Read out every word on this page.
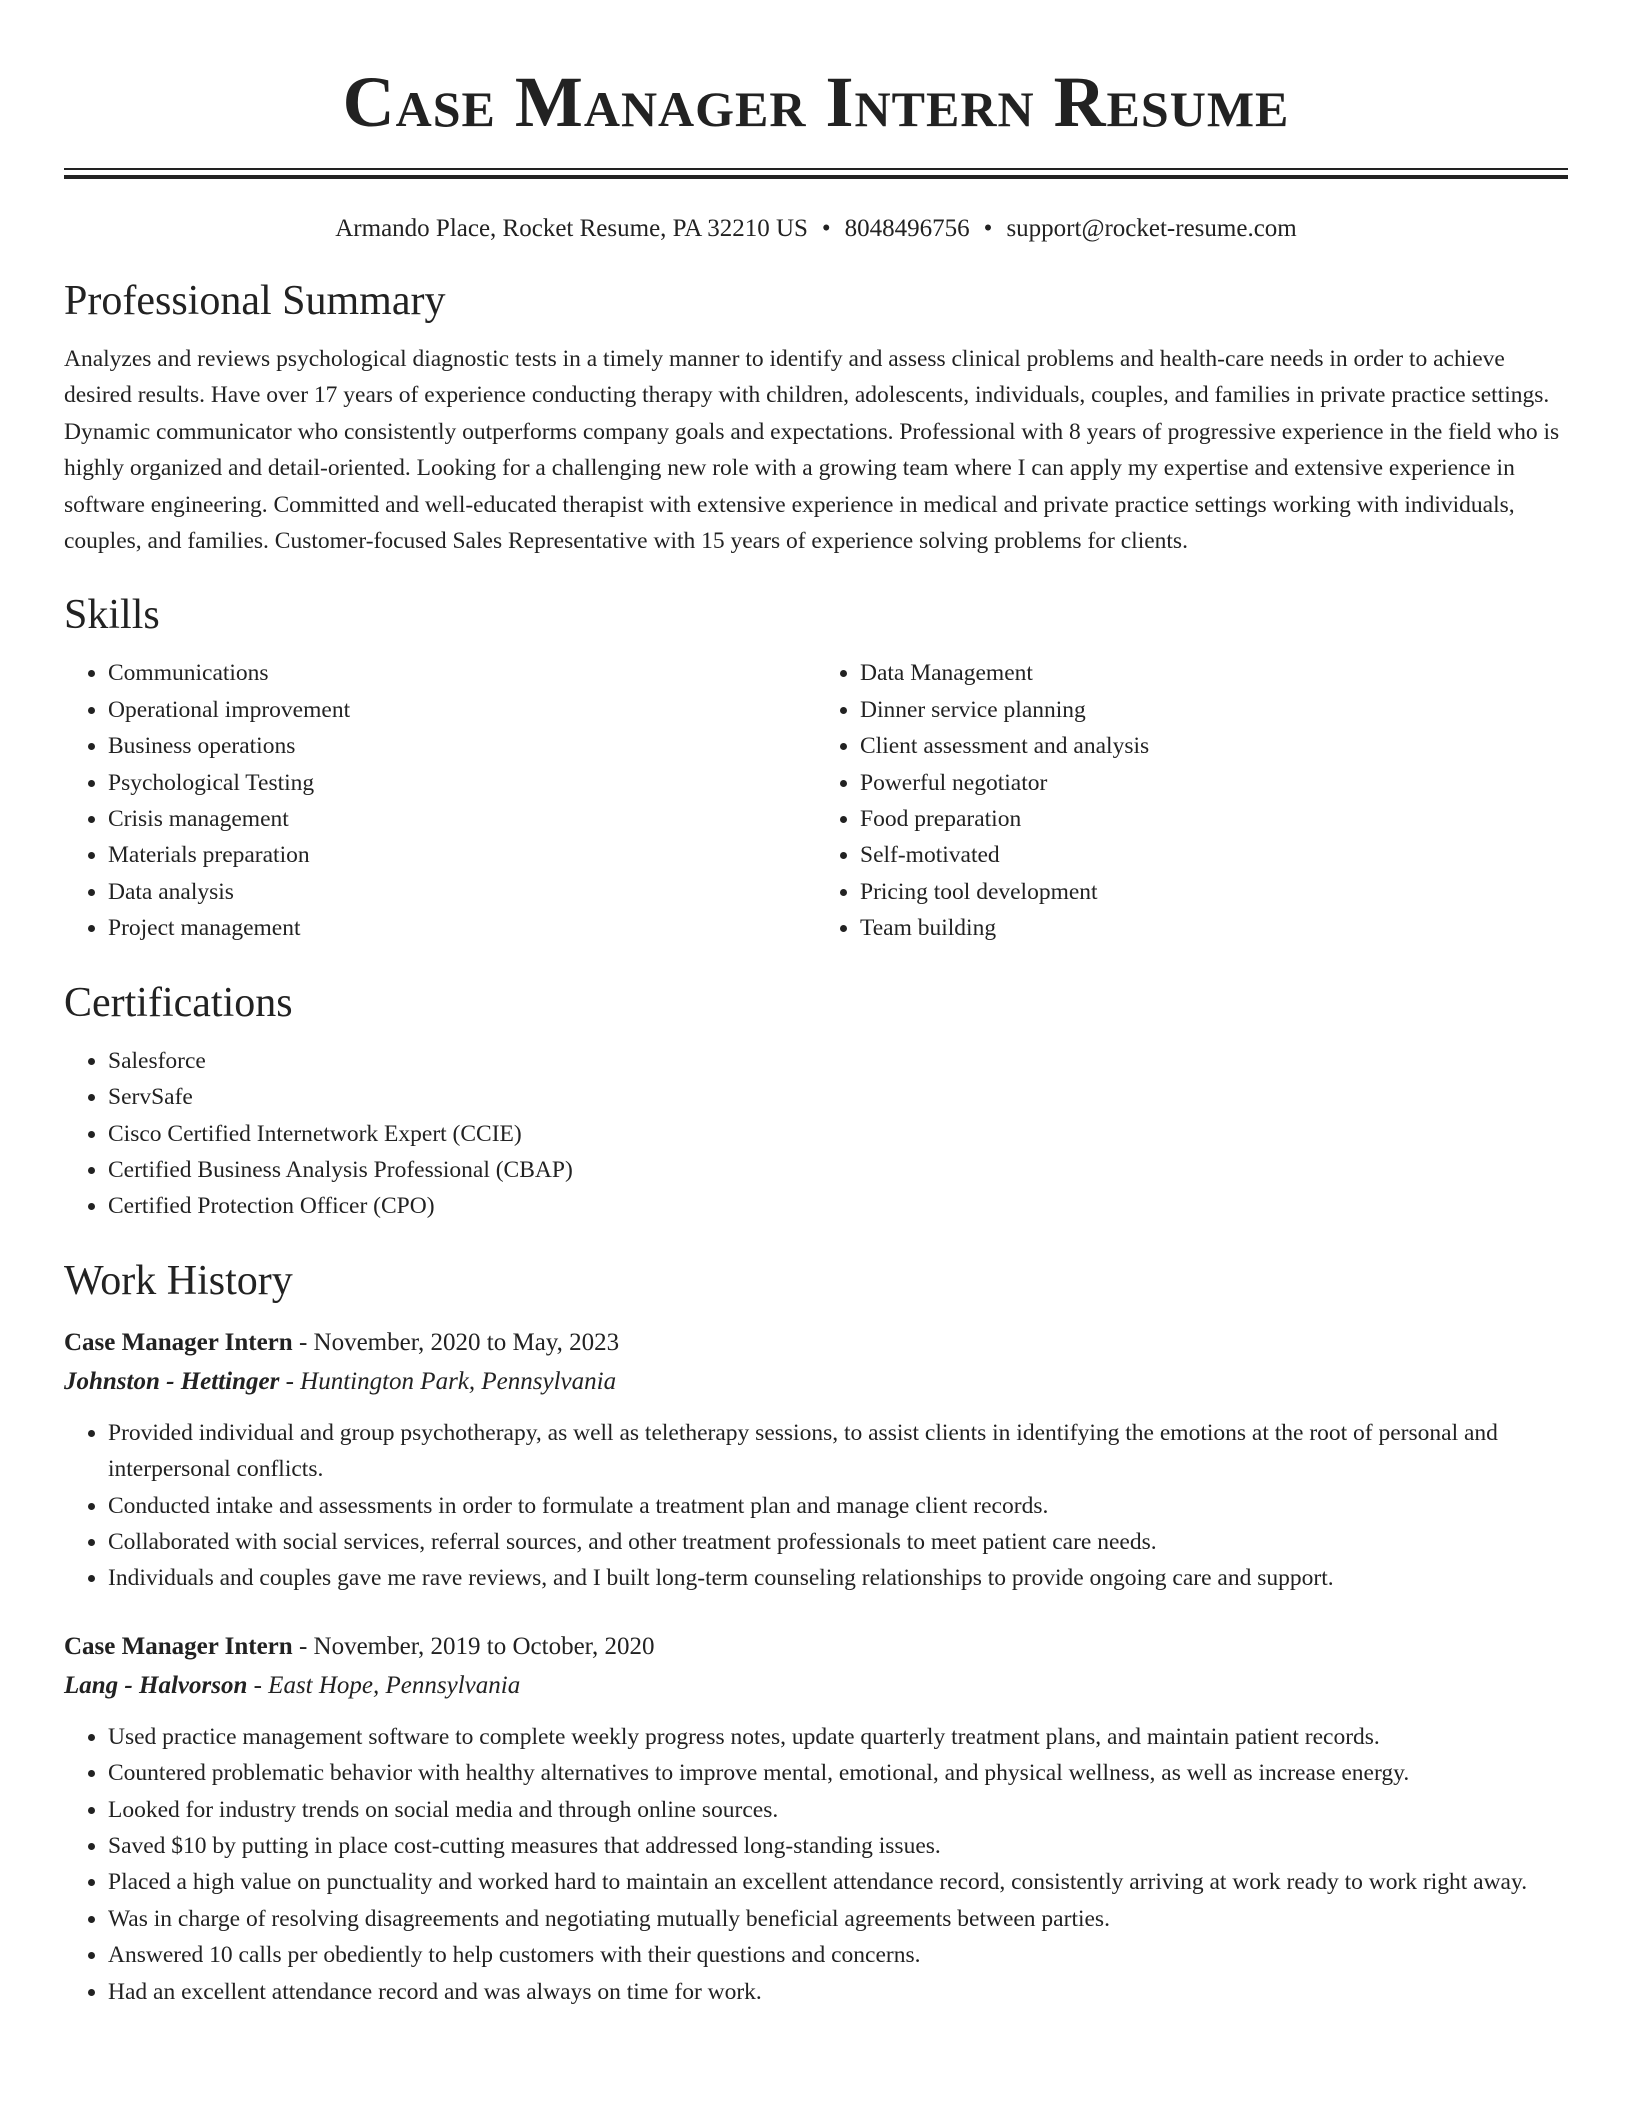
Case Manager Intern Resume
Armando Place, Rocket Resume, PA 32210 US • 8048496756 • support@rocket-resume.com
Professional Summary

Analyzes and reviews psychological diagnostic tests in a timely manner to identify and assess clinical problems and health-care needs in order to achieve desired results. Have over 17 years of experience conducting therapy with children, adolescents, individuals, couples, and families in private practice settings. Dynamic communicator who consistently outperforms company goals and expectations. Professional with 8 years of progressive experience in the field who is highly organized and detail-oriented. Looking for a challenging new role with a growing team where I can apply my expertise and extensive experience in software engineering. Committed and well-educated therapist with extensive experience in medical and private practice settings working with individuals, couples, and families. Customer-focused Sales Representative with 15 years of experience solving problems for clients.

Skills
• Communications
• Operational improvement
• Business operations
• Psychological Testing
• Crisis management
• Materials preparation
• Data analysis
• Project management
• Data Management
• Dinner service planning
• Client assessment and analysis
• Powerful negotiator
• Food preparation
• Self-motivated
• Pricing tool development
• Team building
Certifications
• Salesforce
• ServSafe
• Cisco Certified Internetwork Expert (CCIE)
• Certified Business Analysis Professional (CBAP)
• Certified Protection Officer (CPO)
Work History
Case Manager Intern - November, 2020 to May, 2023
Johnston - Hettinger - Huntington Park, Pennsylvania
• Provided individual and group psychotherapy, as well as teletherapy sessions, to assist clients in identifying the emotions at the root of personal and interpersonal conflicts.
• Conducted intake and assessments in order to formulate a treatment plan and manage client records.
• Collaborated with social services, referral sources, and other treatment professionals to meet patient care needs.
• Individuals and couples gave me rave reviews, and I built long-term counseling relationships to provide ongoing care and support.
Case Manager Intern - November, 2019 to October, 2020
Lang - Halvorson - East Hope, Pennsylvania
• Used practice management software to complete weekly progress notes, update quarterly treatment plans, and maintain patient records.
• Countered problematic behavior with healthy alternatives to improve mental, emotional, and physical wellness, as well as increase energy.
• Looked for industry trends on social media and through online sources.
• Saved $10 by putting in place cost-cutting measures that addressed long-standing issues.
• Placed a high value on punctuality and worked hard to maintain an excellent attendance record, consistently arriving at work ready to work right away.
• Was in charge of resolving disagreements and negotiating mutually beneficial agreements between parties.
• Answered 10 calls per obediently to help customers with their questions and concerns.
• Had an excellent attendance record and was always on time for work.
